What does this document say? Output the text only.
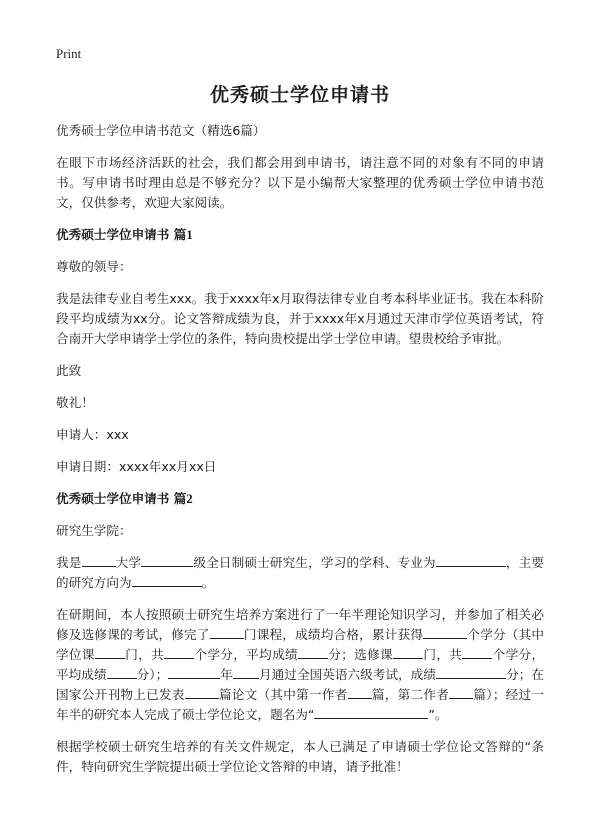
Print
优秀硕士学位申请书

优秀硕士学位申请书范文（精选6篇）

在眼下市场经济活跃的社会，我们都会用到申请书，请注意不同的对象有不同的申请书。写申请书时理由总是不够充分？以下是小编帮大家整理的优秀硕士学位申请书范文，仅供参考，欢迎大家阅读。

优秀硕士学位申请书 篇1

尊敬的领导：

我是法律专业自考生xxx。我于xxxx年x月取得法律专业自考本科毕业证书。我在本科阶段平均成绩为xx分。论文答辩成绩为良，并于xxxx年x月通过天津市学位英语考试，符合南开大学申请学士学位的条件，特向贵校提出学士学位申请。望贵校给予审批。

此致

敬礼！

申请人：xxx

申请日期：xxxx年xx月xx日

优秀硕士学位申请书 篇2

研究生学院：

我是	大学	级全日制硕士研究生，学习的学科、专业为	，主要的研究方向为	。

在研期间，本人按照硕士研究生培养方案进行了一年半理论知识学习，并参加了相关必修及选修课的考试，修完了	门课程，成绩均合格，累计获得	个学分（其中学位课 门，共 个学分，平均成绩 分；选修课 门，共 个学分，平均成绩 分）；	年 月通过全国英语六级考试，成绩	分；在国家公开刊物上已发表	篇论文（其中第一作者 篇，第二作者 篇）；经过一年半的研究本人完成了硕士学位论文，题名为“	”。

根据学校硕士研究生培养的有关文件规定，本人已满足了申请硕士学位论文答辩的“条件，特向研究生学院提出硕士学位论文答辩的申请，请予批准！
